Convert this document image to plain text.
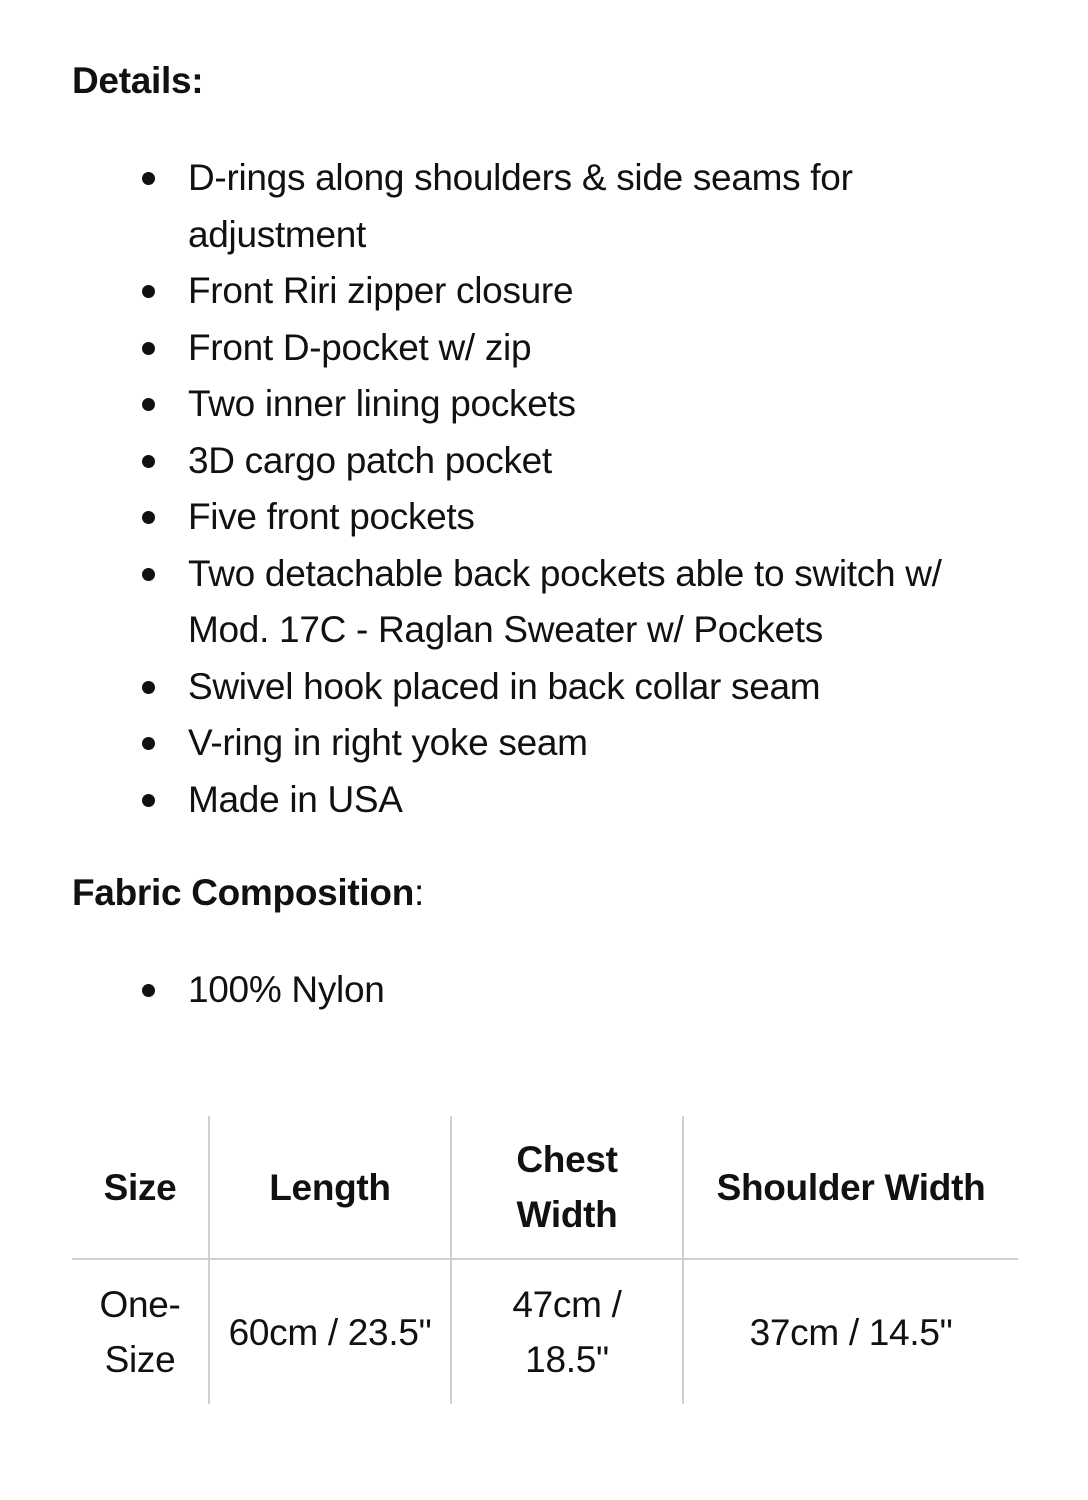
Details:
D-rings along shoulders & side seams for adjustment
Front Riri zipper closure
Front D-pocket w/ zip
Two inner lining pockets
3D cargo patch pocket
Five front pockets
Two detachable back pockets able to switch w/ Mod. 17C - Raglan Sweater w/ Pockets
Swivel hook placed in back collar seam
V-ring in right yoke seam
Made in USA
Fabric Composition:
100% Nylon
Size	Length	Chest Width	Shoulder Width
One-Size	60cm / 23.5"	47cm / 18.5"	37cm / 14.5"
